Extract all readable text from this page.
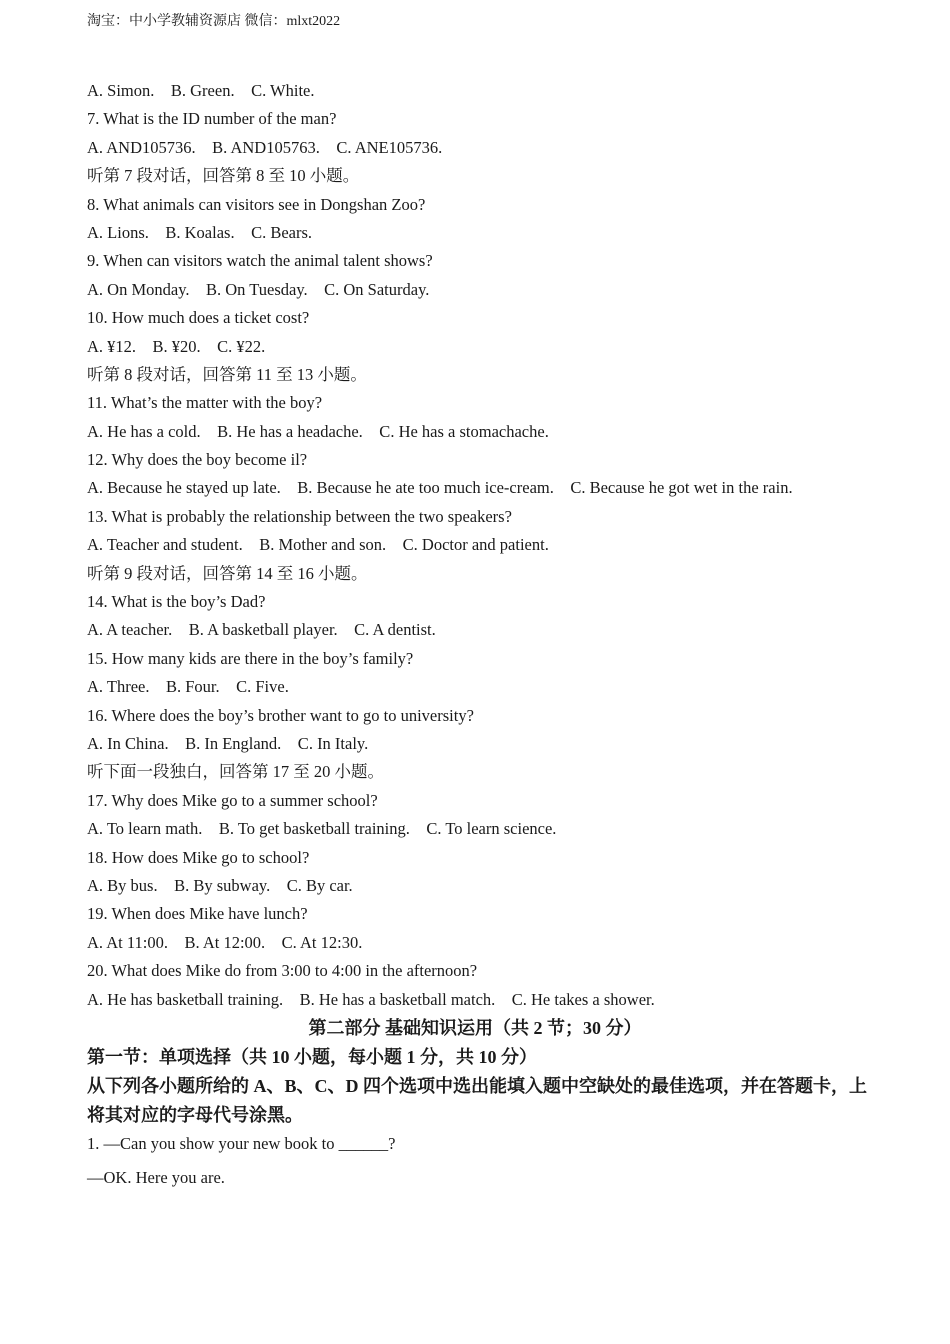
淘宝：中小学教辅资源店 微信：mlxt2022
A. Simon.    B. Green.    C. White.
7. What is the ID number of the man?
A. AND105736.    B. AND105763.    C. ANE105736.
听第 7 段对话，回答第 8 至 10 小题。
8. What animals can visitors see in Dongshan Zoo?
A. Lions.    B. Koalas.    C. Bears.
9. When can visitors watch the animal talent shows?
A. On Monday.    B. On Tuesday.    C. On Saturday.
10. How much does a ticket cost?
A. ¥12.    B. ¥20.    C. ¥22.
听第 8 段对话，回答第 11 至 13 小题。
11. What’s the matter with the boy?
A. He has a cold.    B. He has a headache.    C. He has a stomachache.
12. Why does the boy become il?
A. Because he stayed up late.    B. Because he ate too much ice-cream.    C. Because he got wet in the rain.
13. What is probably the relationship between the two speakers?
A. Teacher and student.    B. Mother and son.    C. Doctor and patient.
听第 9 段对话，回答第 14 至 16 小题。
14. What is the boy’s Dad?
A. A teacher.    B. A basketball player.    C. A dentist.
15. How many kids are there in the boy’s family?
A. Three.    B. Four.    C. Five.
16. Where does the boy’s brother want to go to university?
A. In China.    B. In England.    C. In Italy.
听下面一段独白，回答第 17 至 20 小题。
17. Why does Mike go to a summer school?
A. To learn math.    B. To get basketball training.    C. To learn science.
18. How does Mike go to school?
A. By bus.    B. By subway.    C. By car.
19. When does Mike have lunch?
A. At 11:00.    B. At 12:00.    C. At 12:30.
20. What does Mike do from 3:00 to 4:00 in the afternoon?
A. He has basketball training.    B. He has a basketball match.    C. He takes a shower.
第二部分 基础知识运用（共 2 节；30 分）
第一节：单项选择（共 10 小题，每小题 1 分，共 10 分）
从下列各小题所给的 A、B、C、D 四个选项中选出能填入题中空缺处的最佳选项，并在答题卡，上将其对应的字母代号涂黑。
1. —Can you show your new book to ______?
—OK. Here you are.
